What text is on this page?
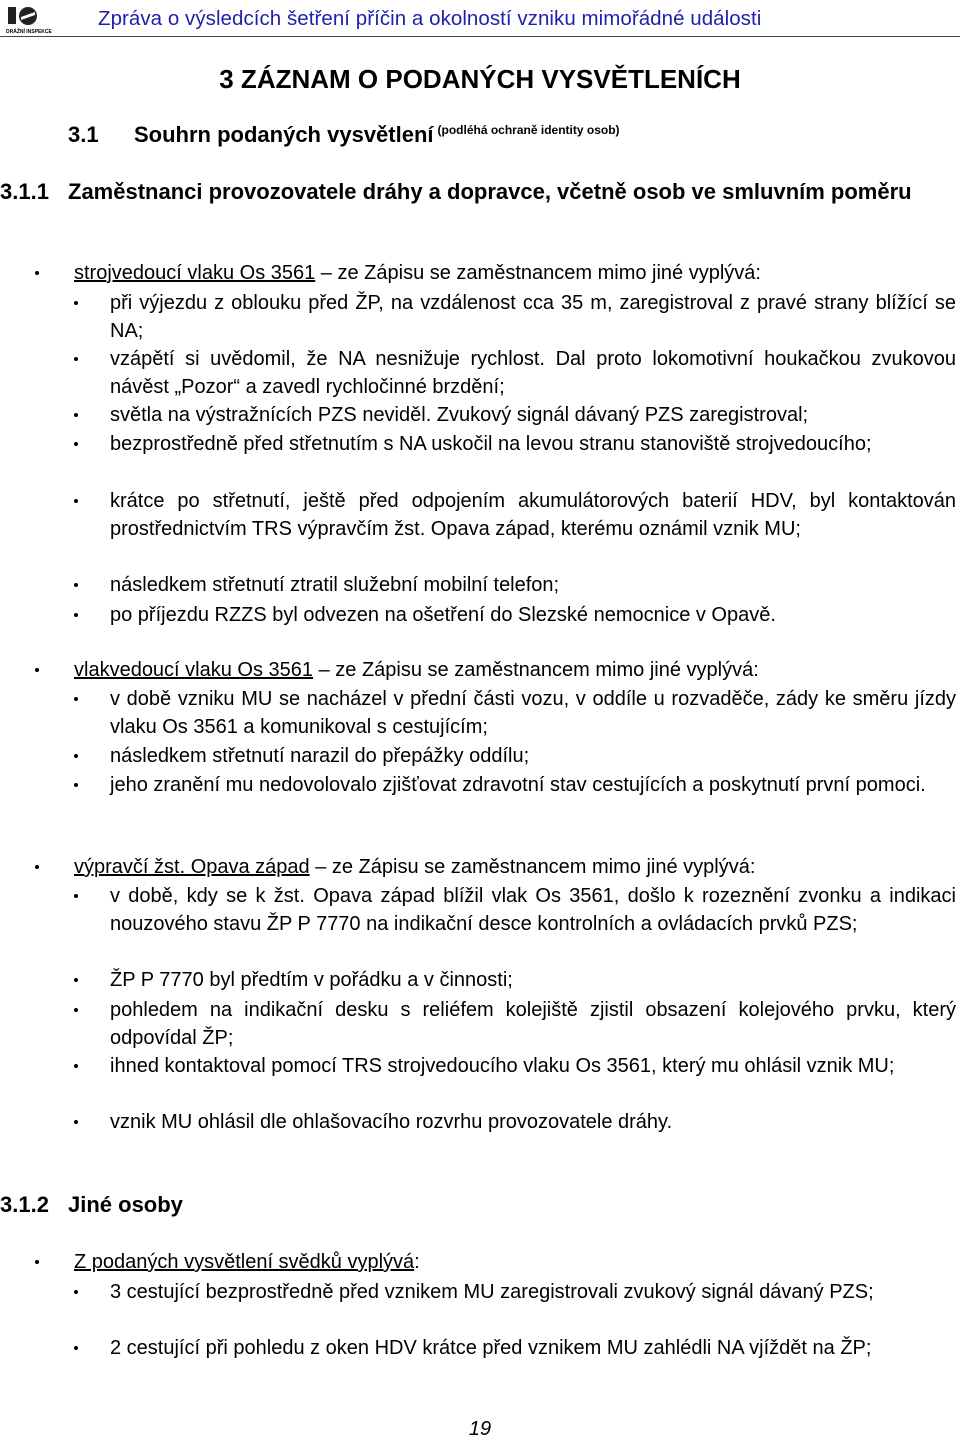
DRÁŽNÍ INSPEKCE
Zpráva o výsledcích šetření příčin a okolností vzniku mimořádné události
3 ZÁZNAM O PODANÝCH VYSVĚTLENÍCH
3.1 Souhrn podaných vysvětlení $^{(podléhá ochraně identity osob)}$
3.1.1 Zaměstnanci provozovatele dráhy a dopravce, včetně osob ve smluvním poměru
strojvedoucí vlaku Os 3561 – ze Zápisu se zaměstnancem mimo jiné vyplývá:
při výjezdu z oblouku před ŽP, na vzdálenost cca 35 m, zaregistroval z pravé strany blížící se NA;
vzápětí si uvědomil, že NA nesnižuje rychlost. Dal proto lokomotivní houkačkou zvukovou návěst „Pozor“ a zavedl rychločinné brzdění;
světla na výstražnících PZS neviděl. Zvukový signál dávaný PZS zaregistroval;
bezprostředně před střetnutím s NA uskočil na levou stranu stanoviště strojvedoucího;
krátce po střetnutí, ještě před odpojením akumulátorových baterií HDV, byl kontaktován prostřednictvím TRS výpravčím žst. Opava západ, kterému oznámil vznik MU;
následkem střetnutí ztratil služební mobilní telefon;
po příjezdu RZZS byl odvezen na ošetření do Slezské nemocnice v Opavě.
vlakvedoucí vlaku Os 3561 – ze Zápisu se zaměstnancem mimo jiné vyplývá:
v době vzniku MU se nacházel v přední části vozu, v oddíle u rozvaděče, zády ke směru jízdy vlaku Os 3561 a komunikoval s cestujícím;
následkem střetnutí narazil do přepážky oddílu;
jeho zranění mu nedovolovalo zjišťovat zdravotní stav cestujících a poskytnutí první pomoci.
výpravčí žst. Opava západ – ze Zápisu se zaměstnancem mimo jiné vyplývá:
v době, kdy se k žst. Opava západ blížil vlak Os 3561, došlo k rozeznění zvonku a indikaci nouzového stavu ŽP P 7770 na indikační desce kontrolních a ovládacích prvků PZS;
ŽP P 7770 byl předtím v pořádku a v činnosti;
pohledem na indikační desku s reliéfem kolejiště zjistil obsazení kolejového prvku, který odpovídal ŽP;
ihned kontaktoval pomocí TRS strojvedoucího vlaku Os 3561, který mu ohlásil vznik MU;
vznik MU ohlásil dle ohlašovacího rozvrhu provozovatele dráhy.
3.1.2 Jiné osoby
Z podaných vysvětlení svědků vyplývá:
3 cestující bezprostředně před vznikem MU zaregistrovali zvukový signál dávaný PZS;
2 cestující při pohledu z oken HDV krátce před vznikem MU zahlédli NA vjíždět na ŽP;
19
